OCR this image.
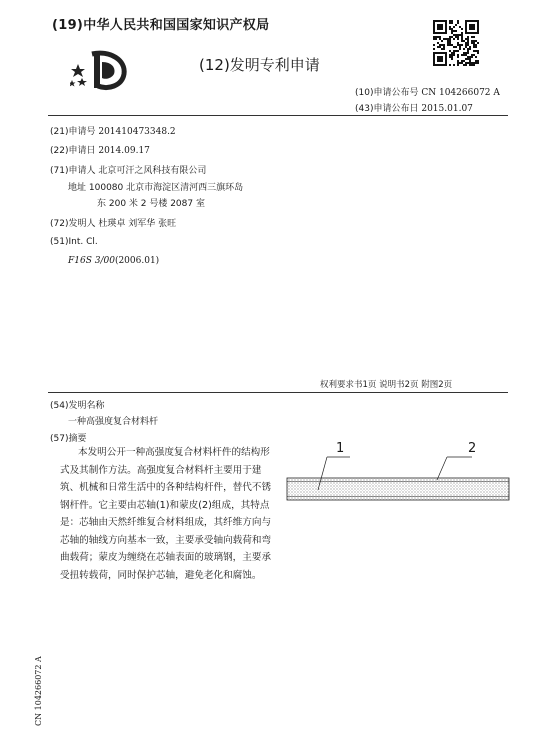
(19)中华人民共和国国家知识产权局
(12)发明专利申请
(10)申请公布号 CN 104266072 A
(43)申请公布日 2015.01.07
(21)申请号 201410473348.2
(22)申请日 2014.09.17
(71)申请人 北京可汗之风科技有限公司
地址 100080 北京市海淀区清河西三旗环岛
东 200 米 2 号楼 2087 室
(72)发明人 杜瑛卓 刘军华 张旺
(51)Int. Cl.
F16S 3/00(2006.01)
权利要求书1页 说明书2页 附图2页
(54)发明名称
一种高强度复合材料杆
(57)摘要
本发明公开一种高强度复合材料杆件的结构形式及其制作方法。高强度复合材料杆主要用于建筑、机械和日常生活中的各种结构杆件，替代不锈钢杆件。它主要由芯轴(1)和蒙皮(2)组成，其特点是：芯轴由天然纤维复合材料组成，其纤维方向与芯轴的轴线方向基本一致，主要承受轴向载荷和弯曲载荷；蒙皮为缠绕在芯轴表面的玻璃钢，主要承受扭转载荷，同时保护芯轴，避免老化和腐蚀。
1	2
CN 104266072 A
